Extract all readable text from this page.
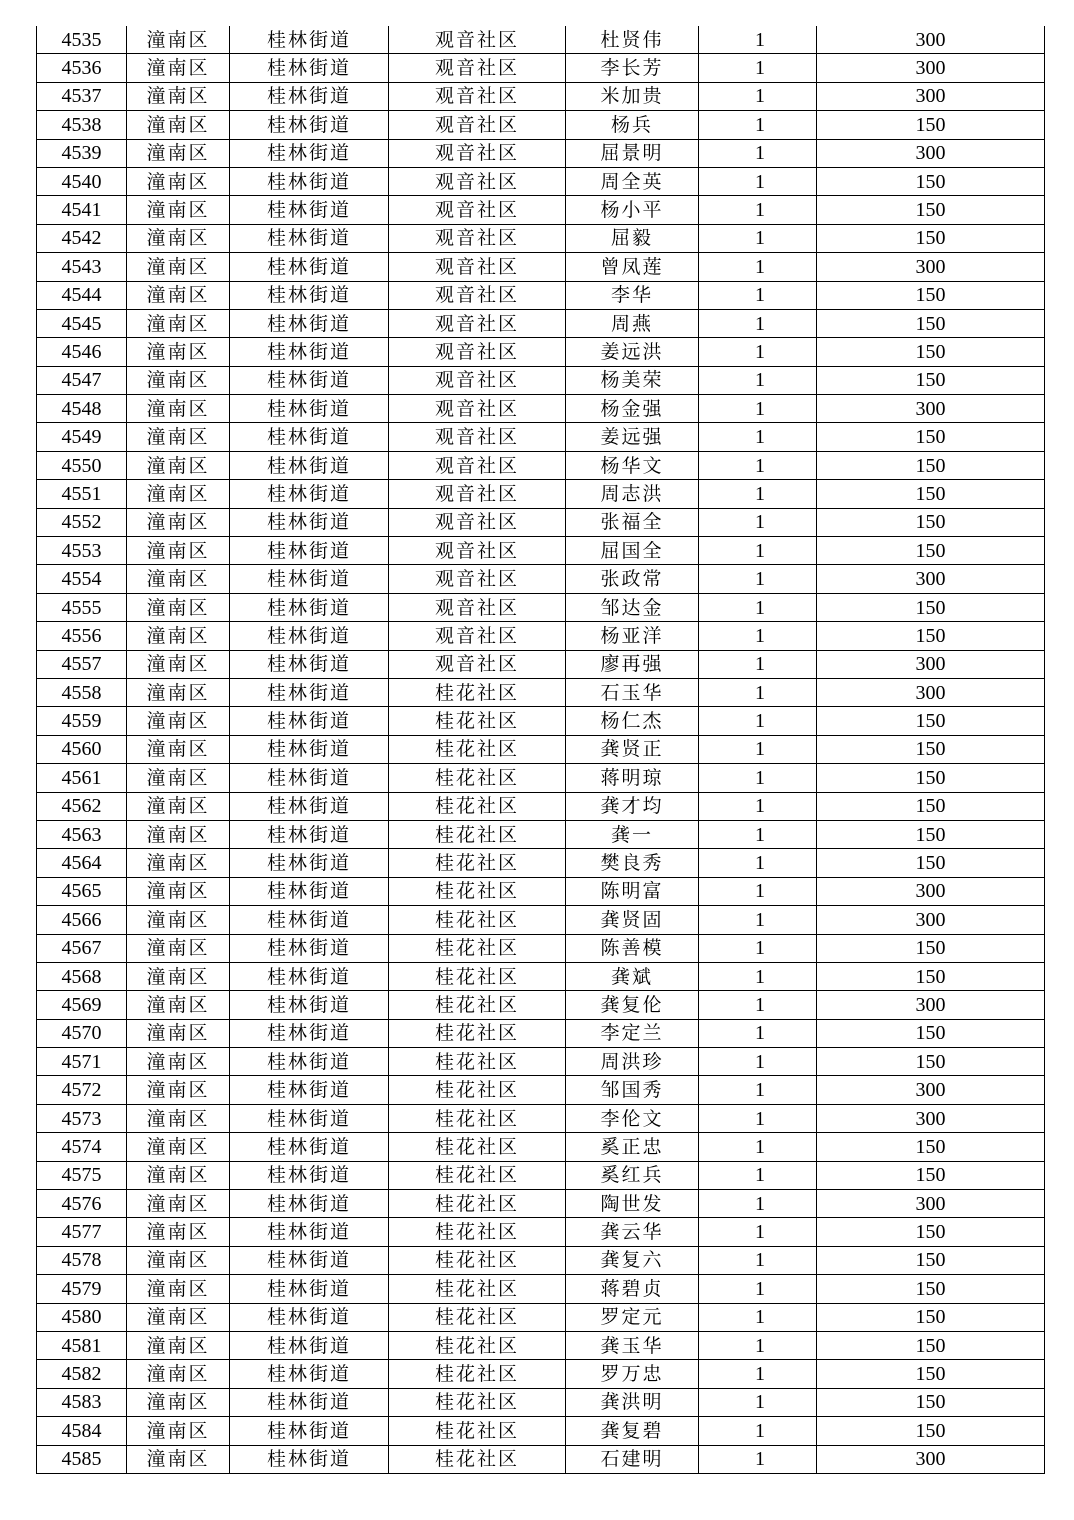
4535	潼南区	桂林街道	观音社区	杜贤伟	1	300
4536	潼南区	桂林街道	观音社区	李长芳	1	300
4537	潼南区	桂林街道	观音社区	米加贵	1	300
4538	潼南区	桂林街道	观音社区	杨兵	1	150
4539	潼南区	桂林街道	观音社区	屈景明	1	300
4540	潼南区	桂林街道	观音社区	周全英	1	150
4541	潼南区	桂林街道	观音社区	杨小平	1	150
4542	潼南区	桂林街道	观音社区	屈毅	1	150
4543	潼南区	桂林街道	观音社区	曾凤莲	1	300
4544	潼南区	桂林街道	观音社区	李华	1	150
4545	潼南区	桂林街道	观音社区	周燕	1	150
4546	潼南区	桂林街道	观音社区	姜远洪	1	150
4547	潼南区	桂林街道	观音社区	杨美荣	1	150
4548	潼南区	桂林街道	观音社区	杨金强	1	300
4549	潼南区	桂林街道	观音社区	姜远强	1	150
4550	潼南区	桂林街道	观音社区	杨华文	1	150
4551	潼南区	桂林街道	观音社区	周志洪	1	150
4552	潼南区	桂林街道	观音社区	张福全	1	150
4553	潼南区	桂林街道	观音社区	屈国全	1	150
4554	潼南区	桂林街道	观音社区	张政常	1	300
4555	潼南区	桂林街道	观音社区	邹达金	1	150
4556	潼南区	桂林街道	观音社区	杨亚洋	1	150
4557	潼南区	桂林街道	观音社区	廖再强	1	300
4558	潼南区	桂林街道	桂花社区	石玉华	1	300
4559	潼南区	桂林街道	桂花社区	杨仁杰	1	150
4560	潼南区	桂林街道	桂花社区	龚贤正	1	150
4561	潼南区	桂林街道	桂花社区	蒋明琼	1	150
4562	潼南区	桂林街道	桂花社区	龚才均	1	150
4563	潼南区	桂林街道	桂花社区	龚一	1	150
4564	潼南区	桂林街道	桂花社区	樊良秀	1	150
4565	潼南区	桂林街道	桂花社区	陈明富	1	300
4566	潼南区	桂林街道	桂花社区	龚贤固	1	300
4567	潼南区	桂林街道	桂花社区	陈善模	1	150
4568	潼南区	桂林街道	桂花社区	龚斌	1	150
4569	潼南区	桂林街道	桂花社区	龚复伦	1	300
4570	潼南区	桂林街道	桂花社区	李定兰	1	150
4571	潼南区	桂林街道	桂花社区	周洪珍	1	150
4572	潼南区	桂林街道	桂花社区	邹国秀	1	300
4573	潼南区	桂林街道	桂花社区	李伦文	1	300
4574	潼南区	桂林街道	桂花社区	奚正忠	1	150
4575	潼南区	桂林街道	桂花社区	奚红兵	1	150
4576	潼南区	桂林街道	桂花社区	陶世发	1	300
4577	潼南区	桂林街道	桂花社区	龚云华	1	150
4578	潼南区	桂林街道	桂花社区	龚复六	1	150
4579	潼南区	桂林街道	桂花社区	蒋碧贞	1	150
4580	潼南区	桂林街道	桂花社区	罗定元	1	150
4581	潼南区	桂林街道	桂花社区	龚玉华	1	150
4582	潼南区	桂林街道	桂花社区	罗万忠	1	150
4583	潼南区	桂林街道	桂花社区	龚洪明	1	150
4584	潼南区	桂林街道	桂花社区	龚复碧	1	150
4585	潼南区	桂林街道	桂花社区	石建明	1	300
